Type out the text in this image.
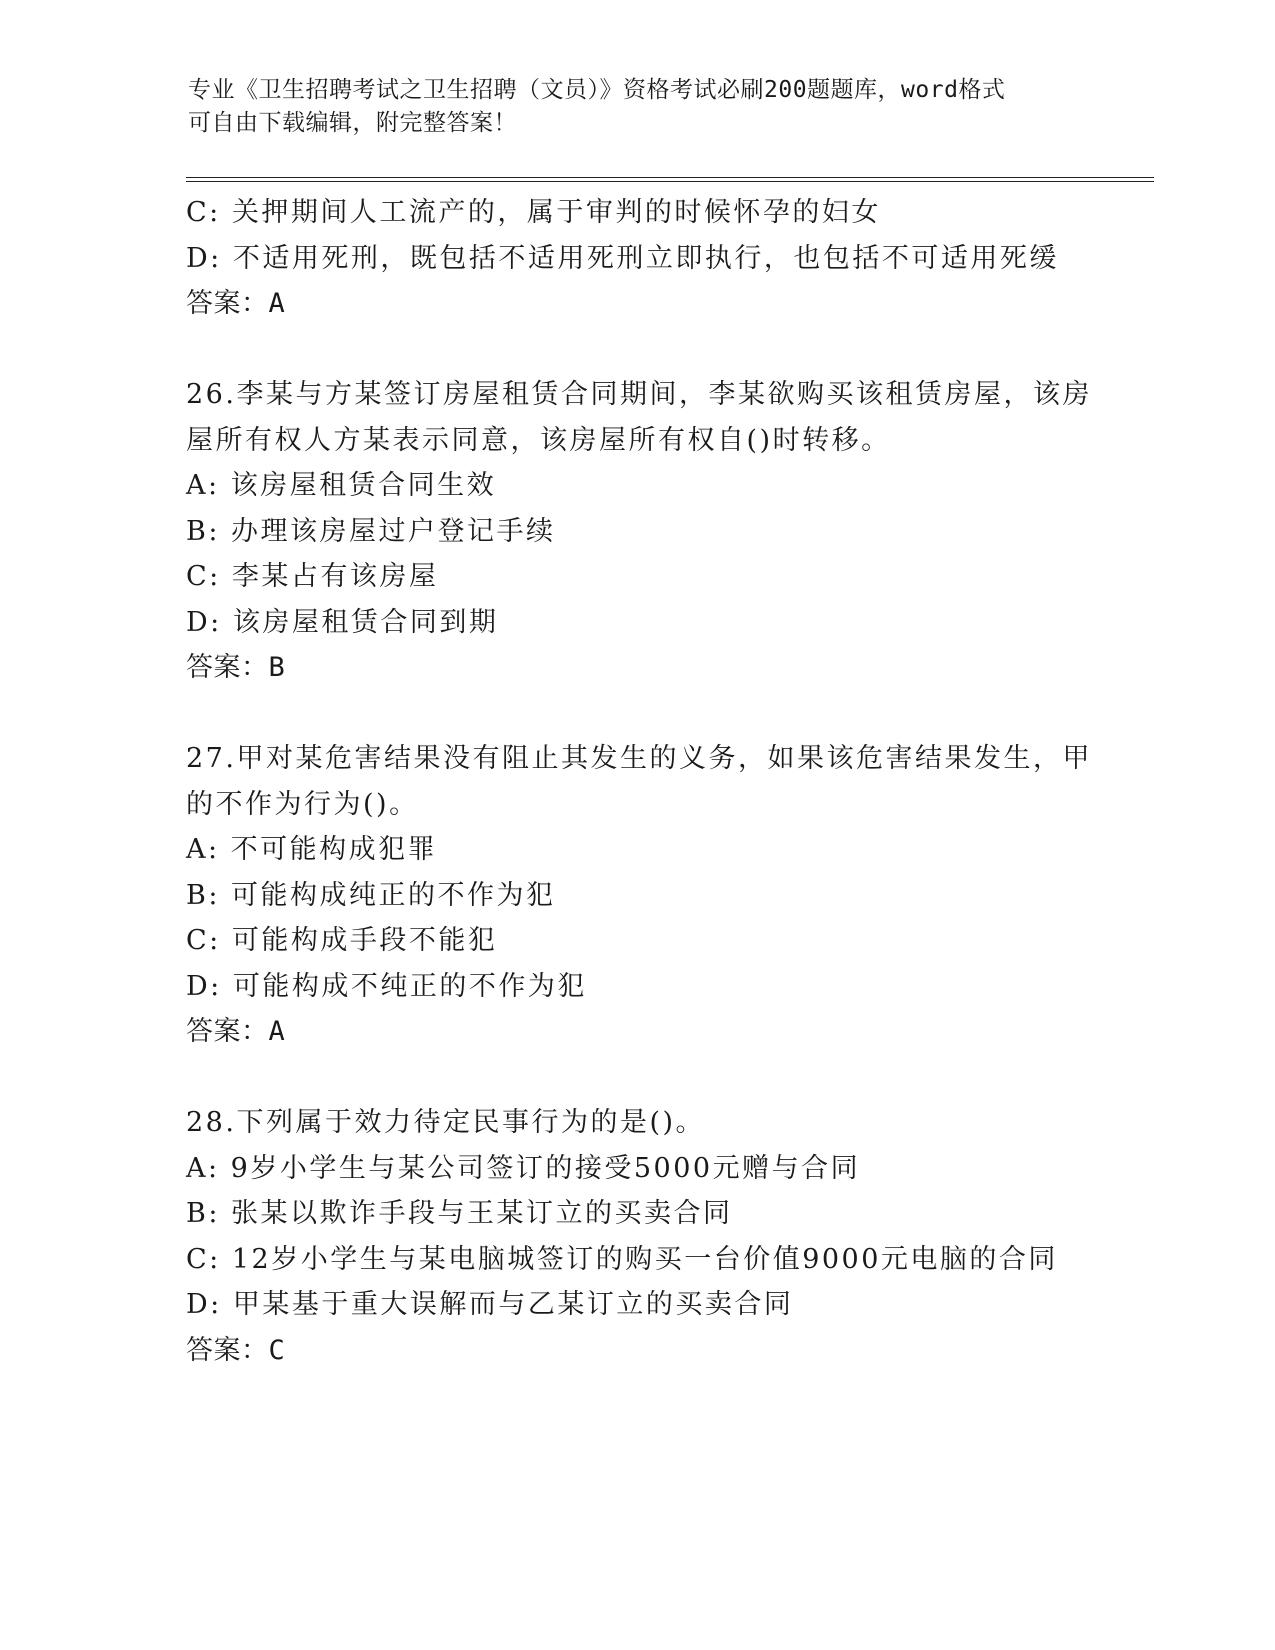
专业《卫生招聘考试之卫生招聘（文员）》资格考试必刷200题题库，word格式
可自由下载编辑，附完整答案！
C: 关押期间人工流产的，属于审判的时候怀孕的妇女
D: 不适用死刑，既包括不适用死刑立即执行，也包括不可适用死缓
答案：A
26.李某与方某签订房屋租赁合同期间，李某欲购买该租赁房屋，该房
屋所有权人方某表示同意，该房屋所有权自()时转移。
A: 该房屋租赁合同生效
B: 办理该房屋过户登记手续
C: 李某占有该房屋
D: 该房屋租赁合同到期
答案：B
27.甲对某危害结果没有阻止其发生的义务，如果该危害结果发生，甲
的不作为行为()。
A: 不可能构成犯罪
B: 可能构成纯正的不作为犯
C: 可能构成手段不能犯
D: 可能构成不纯正的不作为犯
答案：A
28.下列属于效力待定民事行为的是()。
A: 9岁小学生与某公司签订的接受5000元赠与合同
B: 张某以欺诈手段与王某订立的买卖合同
C: 12岁小学生与某电脑城签订的购买一台价值9000元电脑的合同
D: 甲某基于重大误解而与乙某订立的买卖合同
答案：C
